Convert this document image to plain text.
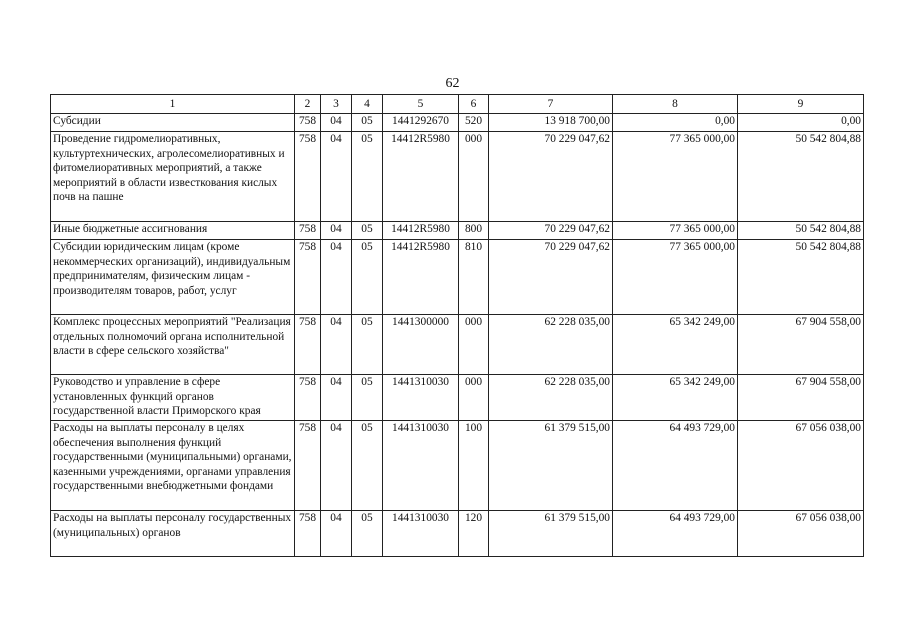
62
1	2	3	4	5	6	7	8	9
Субсидии	758	04	05	1441292670	520	13 918 700,00	0,00	0,00
Проведение гидромелиоративных, культуртехнических, агролесомелиоративных и фитомелиоративных мероприятий, а также мероприятий в области известкования кислых почв на пашне	758	04	05	14412R5980	000	70 229 047,62	77 365 000,00	50 542 804,88
Иные бюджетные ассигнования	758	04	05	14412R5980	800	70 229 047,62	77 365 000,00	50 542 804,88
Субсидии юридическим лицам (кроме некоммерческих организаций), индивидуальным предпринимателям, физическим лицам - производителям товаров, работ, услуг	758	04	05	14412R5980	810	70 229 047,62	77 365 000,00	50 542 804,88
Комплекс процессных мероприятий "Реализация отдельных полномочий органа исполнительной власти в сфере сельского хозяйства"	758	04	05	1441300000	000	62 228 035,00	65 342 249,00	67 904 558,00
Руководство и управление в сфере установленных функций органов государственной власти Приморского края	758	04	05	1441310030	000	62 228 035,00	65 342 249,00	67 904 558,00
Расходы на выплаты персоналу в целях обеспечения выполнения функций государственными (муниципальными) органами, казенными учреждениями, органами управления государственными внебюджетными фондами	758	04	05	1441310030	100	61 379 515,00	64 493 729,00	67 056 038,00
Расходы на выплаты персоналу государственных (муниципальных) органов	758	04	05	1441310030	120	61 379 515,00	64 493 729,00	67 056 038,00
